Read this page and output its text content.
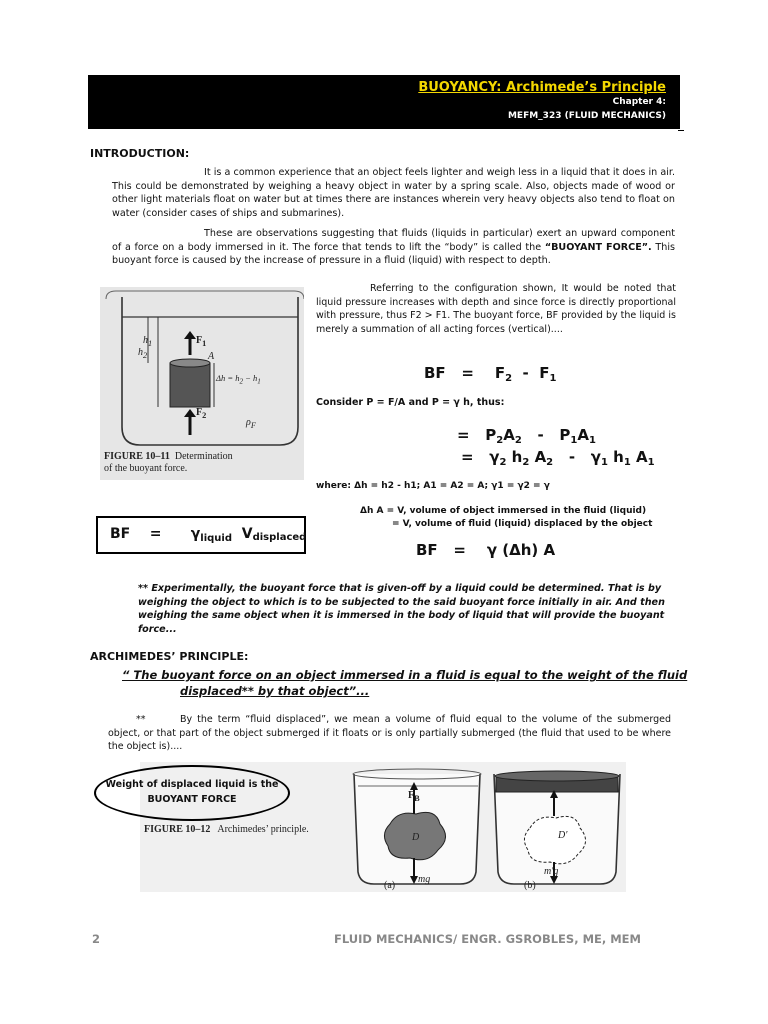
BUOYANCY: Archimede’s Principle
Chapter 4:
MEFM_323 (FLUID MECHANICS)
INTRODUCTION:
It is a common experience that an object feels lighter and weigh less in a liquid that it does in air. This could be demonstrated by weighing a heavy object in water by a spring scale. Also, objects made of wood or other light materials float on water but at times there are instances wherein very heavy objects also tend to float on water (consider cases of ships and submarines).
These are observations suggesting that fluids (liquids in particular) exert an upward component of a force on a body immersed in it. The force that tends to lift the “body” is called the “BUOYANT FORCE”. This buoyant force is caused by the increase of pressure in a fluid (liquid) with respect to depth.
$h_1$
$h_2$
$F_1$
A
$\Delta h = h_2 - h_1$
$F_2$
$\rho_F$
FIGURE 10–11 Determination
of the buoyant force.
Referring to the configuration shown, It would be noted that liquid pressure increases with depth and since force is directly proportional with pressure, thus F2 > F1. The buoyant force, BF provided by the liquid is merely a summation of all acting forces (vertical)....
BF = $F_2 - F_1$
Consider P = F/A and P = γ h, thus:
= $P_2A_2 - P_1A_1$
= $\gamma_2$ $h_2$ $A_2 - \gamma_1$ $h_1$ $A_1$
where: Δh = h2 - h1; A1 = A2 = A; γ1 = γ2 = γ
Δh A = V, volume of object immersed in the fluid (liquid)
= V, volume of fluid (liquid) displaced by the object
BF = γ (Δh) A
BF = $\gamma_{liquid}$ Vdisplaced
** Experimentally, the buoyant force that is given-off by a liquid could be determined. That is by weighing the object to which is to be subjected to the said buoyant force initially in air. And then weighing the same object when it is immersed in the body of liquid that will provide the buoyant force...
ARCHIMEDES’ PRINCIPLE:
“ The buoyant force on an object immersed in a fluid is equal to the weight of the fluid
displaced** by that object”...
**	By the term “fluid displaced”, we mean a volume of fluid equal to the volume of the submerged object, or that part of the object submerged if it floats or is only partially submerged (the fluid that used to be where the object is)....
$F_B$
D	D′
mg
m′g
(a)	(b)
FIGURE 10–12 Archimedes’ principle.
Weight of displaced liquid is the
BUOYANT FORCE
2	FLUID MECHANICS/ ENGR. GSROBLES, ME, MEM
